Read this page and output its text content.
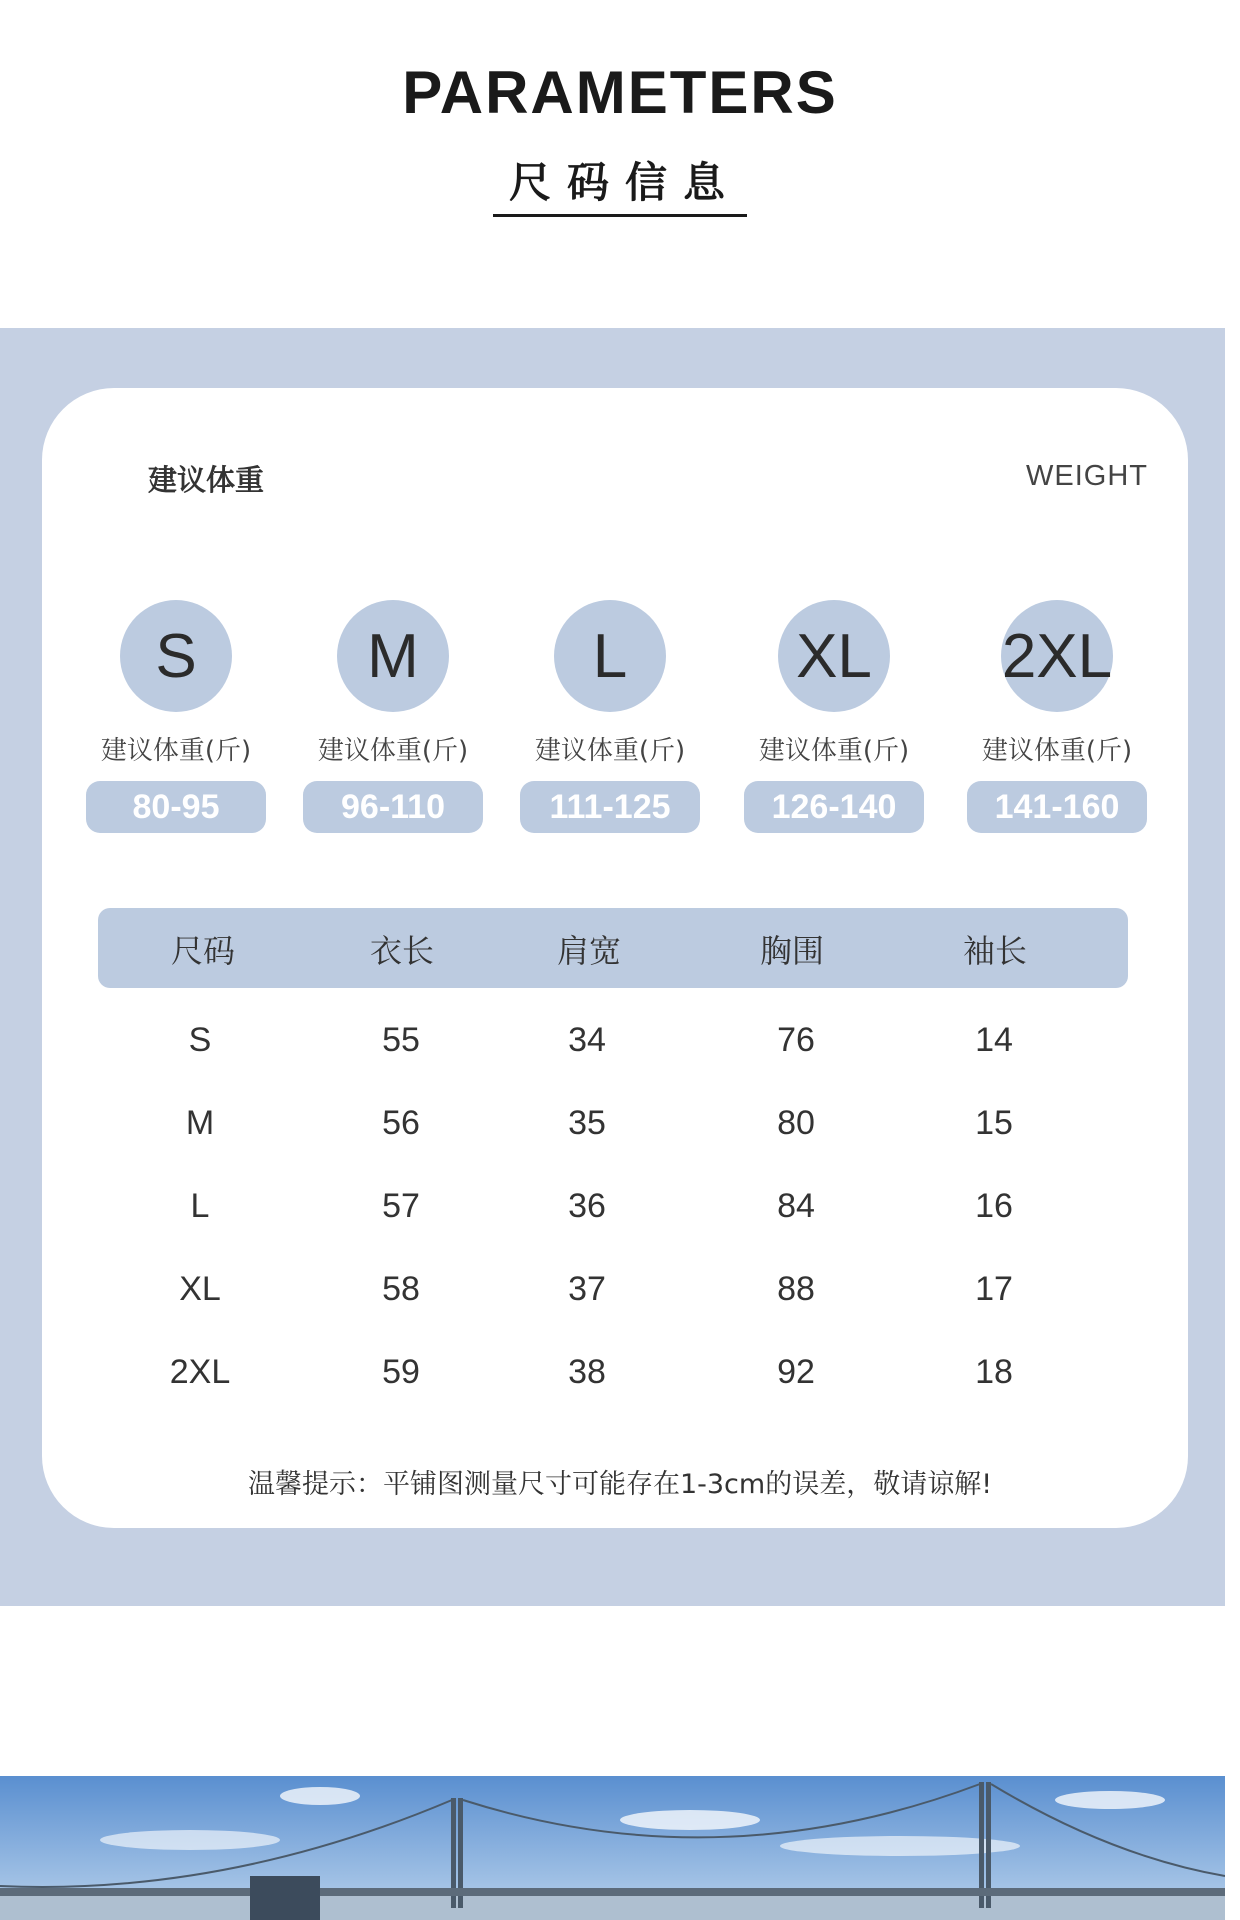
PARAMETERS
尺码信息
建议体重	WEIGHT
S
建议体重(斤)
80-95
M
建议体重(斤)
96-110
L
建议体重(斤)
111-125
XL
建议体重(斤)
126-140
2XL
建议体重(斤)
141-160
尺码	衣长	肩宽	胸围	袖长
S	55	34	76	14
M	56	35	80	15
L	57	36	84	16
XL	58	37	88	17
2XL	59	38	92	18
温馨提示：平铺图测量尺寸可能存在1-3cm的误差，敬请谅解!
